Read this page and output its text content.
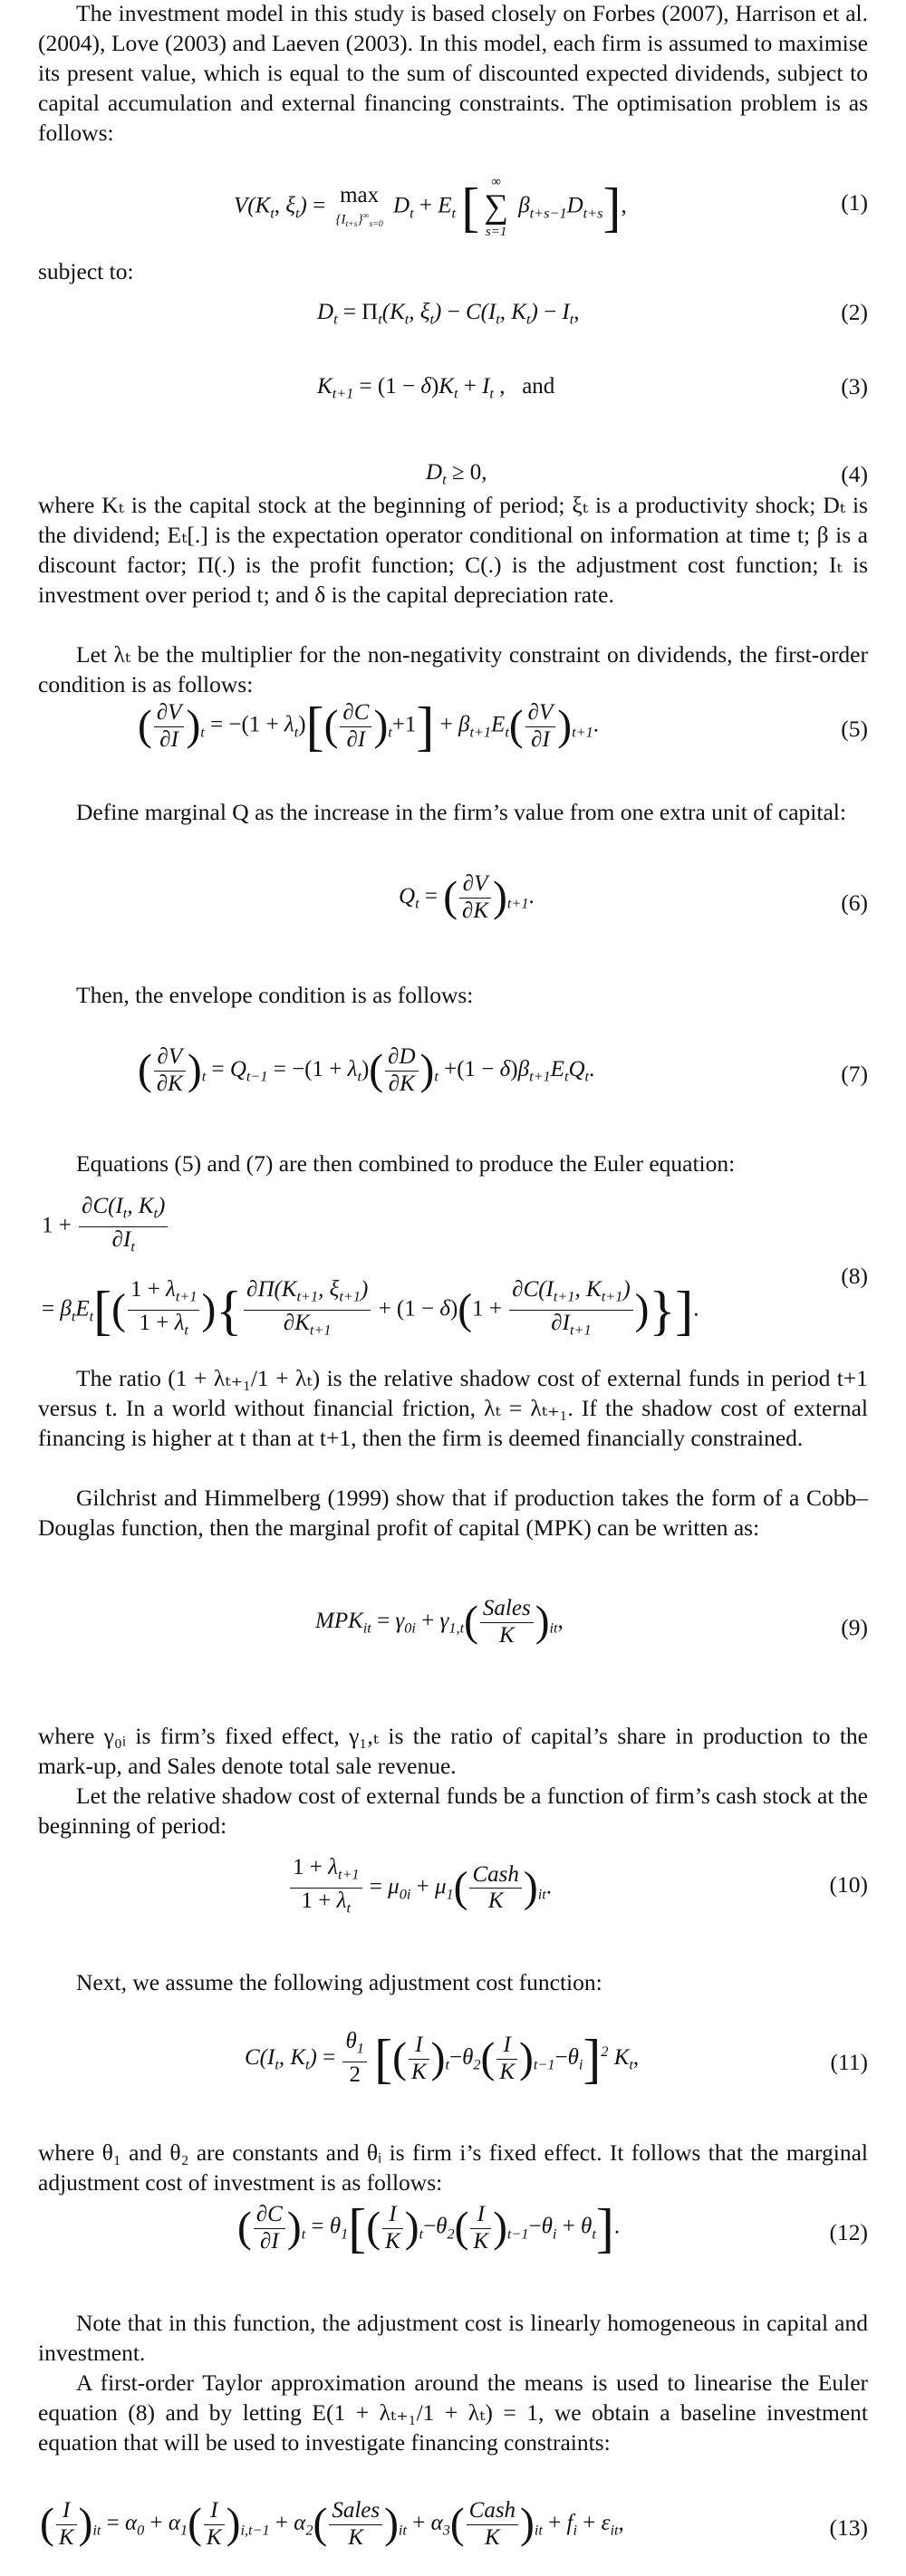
The investment model in this study is based closely on Forbes (2007), Harrison et al. (2004), Love (2003) and Laeven (2003). In this model, each firm is assumed to maximise its present value, which is equal to the sum of discounted expected dividends, subject to capital accumulation and external financing constraints. The optimisation problem is as follows:

$V(K_t$, $\xi_t) = \max$
$\{I_{t+s}\}^\infty_{s=0}$
$D_t + E_t$ [ ∞
∑
s=1
$\beta_{t+s-1}D_{t+s}$],	(1)
subject to:
$D_t = \Pi_t(K_t$, $\xi_t) - C(I_t$, $K_t) - I_t$,	(2)
$K_{t+1} = (1 - \delta)K_t + I_t$ ,   and	(3)
$D_t \ge 0$,	(4)

where Kₜ is the capital stock at the beginning of period; ξₜ is a productivity shock; Dₜ is the dividend; Eₜ[.] is the expectation operator conditional on information at time t; β is a discount factor; Π(.) is the profit function; C(.) is the adjustment cost function; Iₜ is investment over period t; and δ is the capital depreciation rate.

Let λₜ be the multiplier for the non-negativity constraint on dividends, the first-order condition is as follows:

( $\frac{\partial V}{\partial I} )_t = -(1 + \lambda_t)[( \frac{\partial C}{\partial I} )_t+1] + \beta_{t+1}E_t( \frac{\partial V}{\partial I} )_{t+1}$.	(5)

Define marginal Q as the increase in the firm’s value from one extra unit of capital:

$Q_t$ = ( $\frac{\partial V}{\partial K} )_{t+1}$.	(6)
Then, the envelope condition is as follows:
( $\frac{\partial V}{\partial K} )_t = Q_{t-1} = -(1 + \lambda_t)( \frac{\partial D}{\partial K} )_t +(1 - \delta)\beta_{t+1}E_tQ_t$.	(7)
Equations (5) and (7) are then combined to produce the Euler equation:
$1 + \frac{\partial C(I_t, K_t)}{\partial I_t}$
= $\beta_tE_t[( \frac{1 + \lambda_{t+1}}{1 + \lambda_t}$ ){ $\frac{\partial\Pi(K_{t+1}, \xi_{t+1})}{\partial K_{t+1}} + (1 - \delta)(1 + \frac{\partial C(I_{t+1}, K_{t+1})}{\partial I_{t+1}}$ )}].
(8)

The ratio (1 + λₜ₊₁/1 + λₜ) is the relative shadow cost of external funds in period t+1 versus t. In a world without financial friction, λₜ = λₜ₊₁. If the shadow cost of external financing is higher at t than at t+1, then the firm is deemed financially constrained.

Gilchrist and Himmelberg (1999) show that if production takes the form of a Cobb–Douglas function, then the marginal profit of capital (MPK) can be written as:

$MPK_{it} = \gamma_{0i} + \gamma_{1,t}( \frac{\text{Sales}}{K} )_{it}$,	(9)

where γ₀ᵢ is firm’s fixed effect, γ₁,ₜ is the ratio of capital’s share in production to the mark-up, and Sales denote total sale revenue.

Let the relative shadow cost of external funds be a function of firm’s cash stock at the beginning of period:

$\frac{1 + \lambda_{t+1}}{1 + \lambda_t} = \mu_{0i} + \mu_1( \frac{\text{Cash}}{K} )_{it}$.	(10)
Next, we assume the following adjustment cost function:
$C(I_t$, $K_t) = \frac{\theta_1}{2}$ [( $\frac{I}{K} )_t-\theta_2( \frac{I}{K} )_{t-1}-\theta_i]^2$ $K_t$,	(11)

where θ₁ and θ₂ are constants and θᵢ is firm i’s fixed effect. It follows that the marginal adjustment cost of investment is as follows:

( $\frac{\partial C}{\partial I} )_t = \theta_1[( \frac{I}{K} )_t-\theta_2( \frac{I}{K} )_{t-1}-\theta_i + \theta_t]$.	(12)

Note that in this function, the adjustment cost is linearly homogeneous in capital and investment.

A first-order Taylor approximation around the means is used to linearise the Euler equation (8) and by letting E(1 + λₜ₊₁/1 + λₜ) = 1, we obtain a baseline investment equation that will be used to investigate financing constraints:

( $\frac{I}{K} )_{it} = \alpha_0 + \alpha_1( \frac{I}{K} )_{i,t-1} + \alpha_2( \frac{\text{Sales}}{K} )_{it} + \alpha_3( \frac{\text{Cash}}{K} )_{it} + f_i + \varepsilon_{it}$,	(13)
